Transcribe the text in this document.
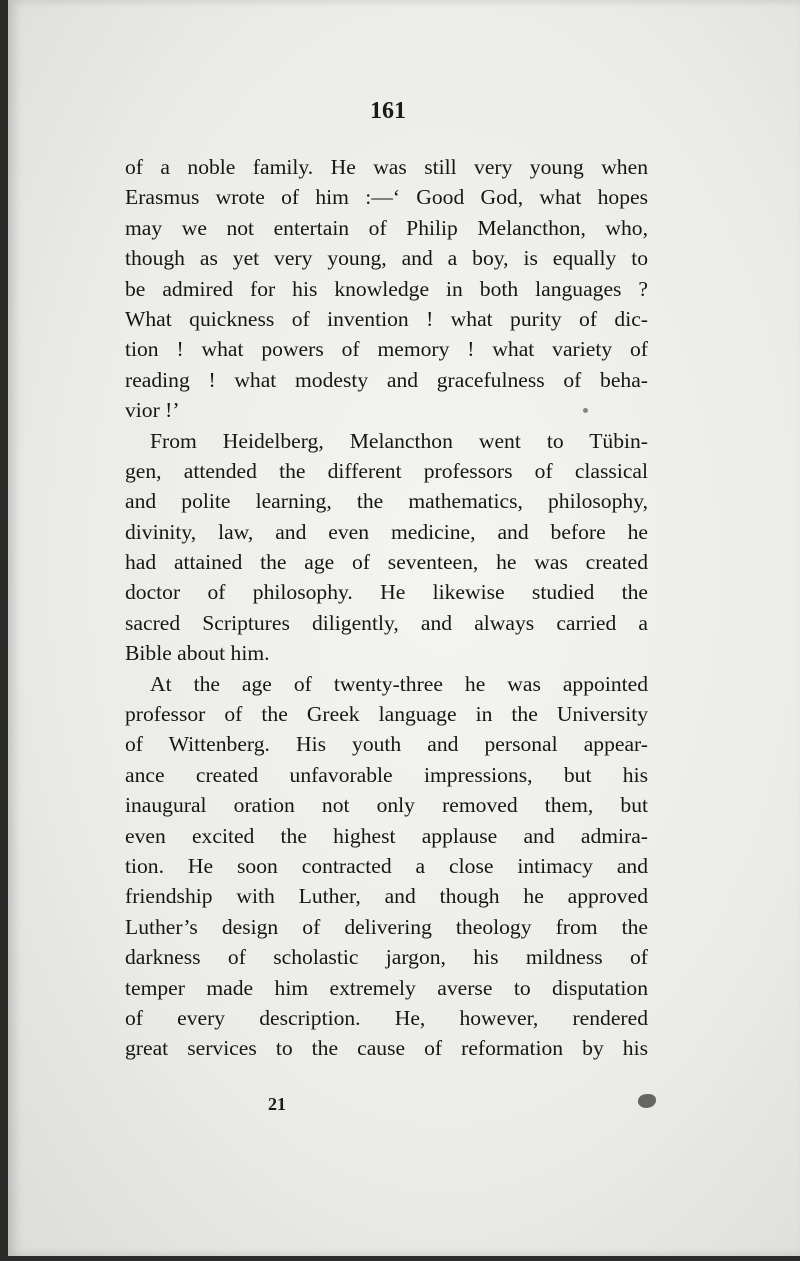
161
of a noble family. He was still very young when
Erasmus wrote of him :—‘ Good God, what hopes
may we not entertain of Philip Melancthon, who,
though as yet very young, and a boy, is equally to
be admired for his knowledge in both languages ?
What quickness of invention ! what purity of dic-
tion ! what powers of memory ! what variety of
reading ! what modesty and gracefulness of beha-
vior !’
From Heidelberg, Melancthon went to Tübin-
gen, attended the different professors of classical
and polite learning, the mathematics, philosophy,
divinity, law, and even medicine, and before he
had attained the age of seventeen, he was created
doctor of philosophy. He likewise studied the
sacred Scriptures diligently, and always carried a
Bible about him.
At the age of twenty-three he was appointed
professor of the Greek language in the University
of Wittenberg. His youth and personal appear-
ance created unfavorable impressions, but his
inaugural oration not only removed them, but
even excited the highest applause and admira-
tion. He soon contracted a close intimacy and
friendship with Luther, and though he approved
Luther’s design of delivering theology from the
darkness of scholastic jargon, his mildness of
temper made him extremely averse to disputation
of every description. He, however, rendered
great services to the cause of reformation by his
21
